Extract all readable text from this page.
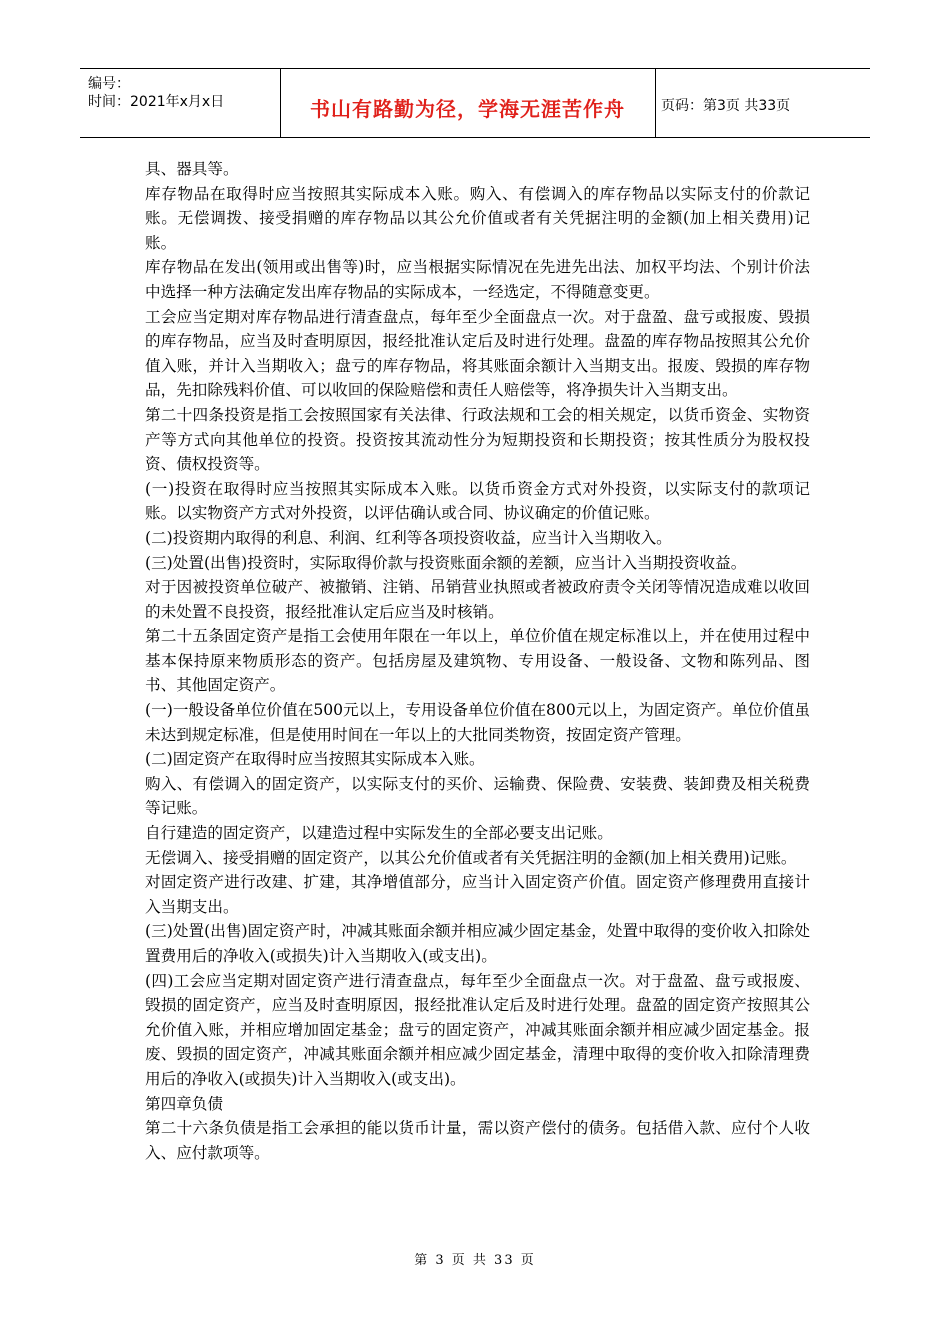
编号：
时间：2021年x月x日	书山有路勤为径，学海无涯苦作舟	页码：第3页 共33页

具、器具等。

库存物品在取得时应当按照其实际成本入账。购入、有偿调入的库存物品以实际支付的价款记账。无偿调拨、接受捐赠的库存物品以其公允价值或者有关凭据注明的金额(加上相关费用)记账。

库存物品在发出(领用或出售等)时，应当根据实际情况在先进先出法、加权平均法、个别计价法中选择一种方法确定发出库存物品的实际成本，一经选定，不得随意变更。

工会应当定期对库存物品进行清查盘点，每年至少全面盘点一次。对于盘盈、盘亏或报废、毁损的库存物品，应当及时查明原因，报经批准认定后及时进行处理。盘盈的库存物品按照其公允价值入账，并计入当期收入；盘亏的库存物品，将其账面余额计入当期支出。报废、毁损的库存物品，先扣除残料价值、可以收回的保险赔偿和责任人赔偿等，将净损失计入当期支出。

第二十四条投资是指工会按照国家有关法律、行政法规和工会的相关规定，以货币资金、实物资产等方式向其他单位的投资。投资按其流动性分为短期投资和长期投资；按其性质分为股权投资、债权投资等。

(一)投资在取得时应当按照其实际成本入账。以货币资金方式对外投资，以实际支付的款项记账。以实物资产方式对外投资，以评估确认或合同、协议确定的价值记账。

(二)投资期内取得的利息、利润、红利等各项投资收益，应当计入当期收入。

(三)处置(出售)投资时，实际取得价款与投资账面余额的差额，应当计入当期投资收益。

对于因被投资单位破产、被撤销、注销、吊销营业执照或者被政府责令关闭等情况造成难以收回的未处置不良投资，报经批准认定后应当及时核销。

第二十五条固定资产是指工会使用年限在一年以上，单位价值在规定标准以上，并在使用过程中基本保持原来物质形态的资产。包括房屋及建筑物、专用设备、一般设备、文物和陈列品、图书、其他固定资产。

(一)一般设备单位价值在500元以上，专用设备单位价值在800元以上，为固定资产。单位价值虽未达到规定标准，但是使用时间在一年以上的大批同类物资，按固定资产管理。

(二)固定资产在取得时应当按照其实际成本入账。

购入、有偿调入的固定资产，以实际支付的买价、运输费、保险费、安装费、装卸费及相关税费等记账。

自行建造的固定资产，以建造过程中实际发生的全部必要支出记账。

无偿调入、接受捐赠的固定资产，以其公允价值或者有关凭据注明的金额(加上相关费用)记账。

对固定资产进行改建、扩建，其净增值部分，应当计入固定资产价值。固定资产修理费用直接计入当期支出。

(三)处置(出售)固定资产时，冲减其账面余额并相应减少固定基金，处置中取得的变价收入扣除处置费用后的净收入(或损失)计入当期收入(或支出)。

(四)工会应当定期对固定资产进行清查盘点，每年至少全面盘点一次。对于盘盈、盘亏或报废、毁损的固定资产，应当及时查明原因，报经批准认定后及时进行处理。盘盈的固定资产按照其公允价值入账，并相应增加固定基金；盘亏的固定资产，冲减其账面余额并相应减少固定基金。报废、毁损的固定资产，冲减其账面余额并相应减少固定基金，清理中取得的变价收入扣除清理费用后的净收入(或损失)计入当期收入(或支出)。

第四章负债

第二十六条负债是指工会承担的能以货币计量，需以资产偿付的债务。包括借入款、应付个人收入、应付款项等。

第 3 页 共 33 页
